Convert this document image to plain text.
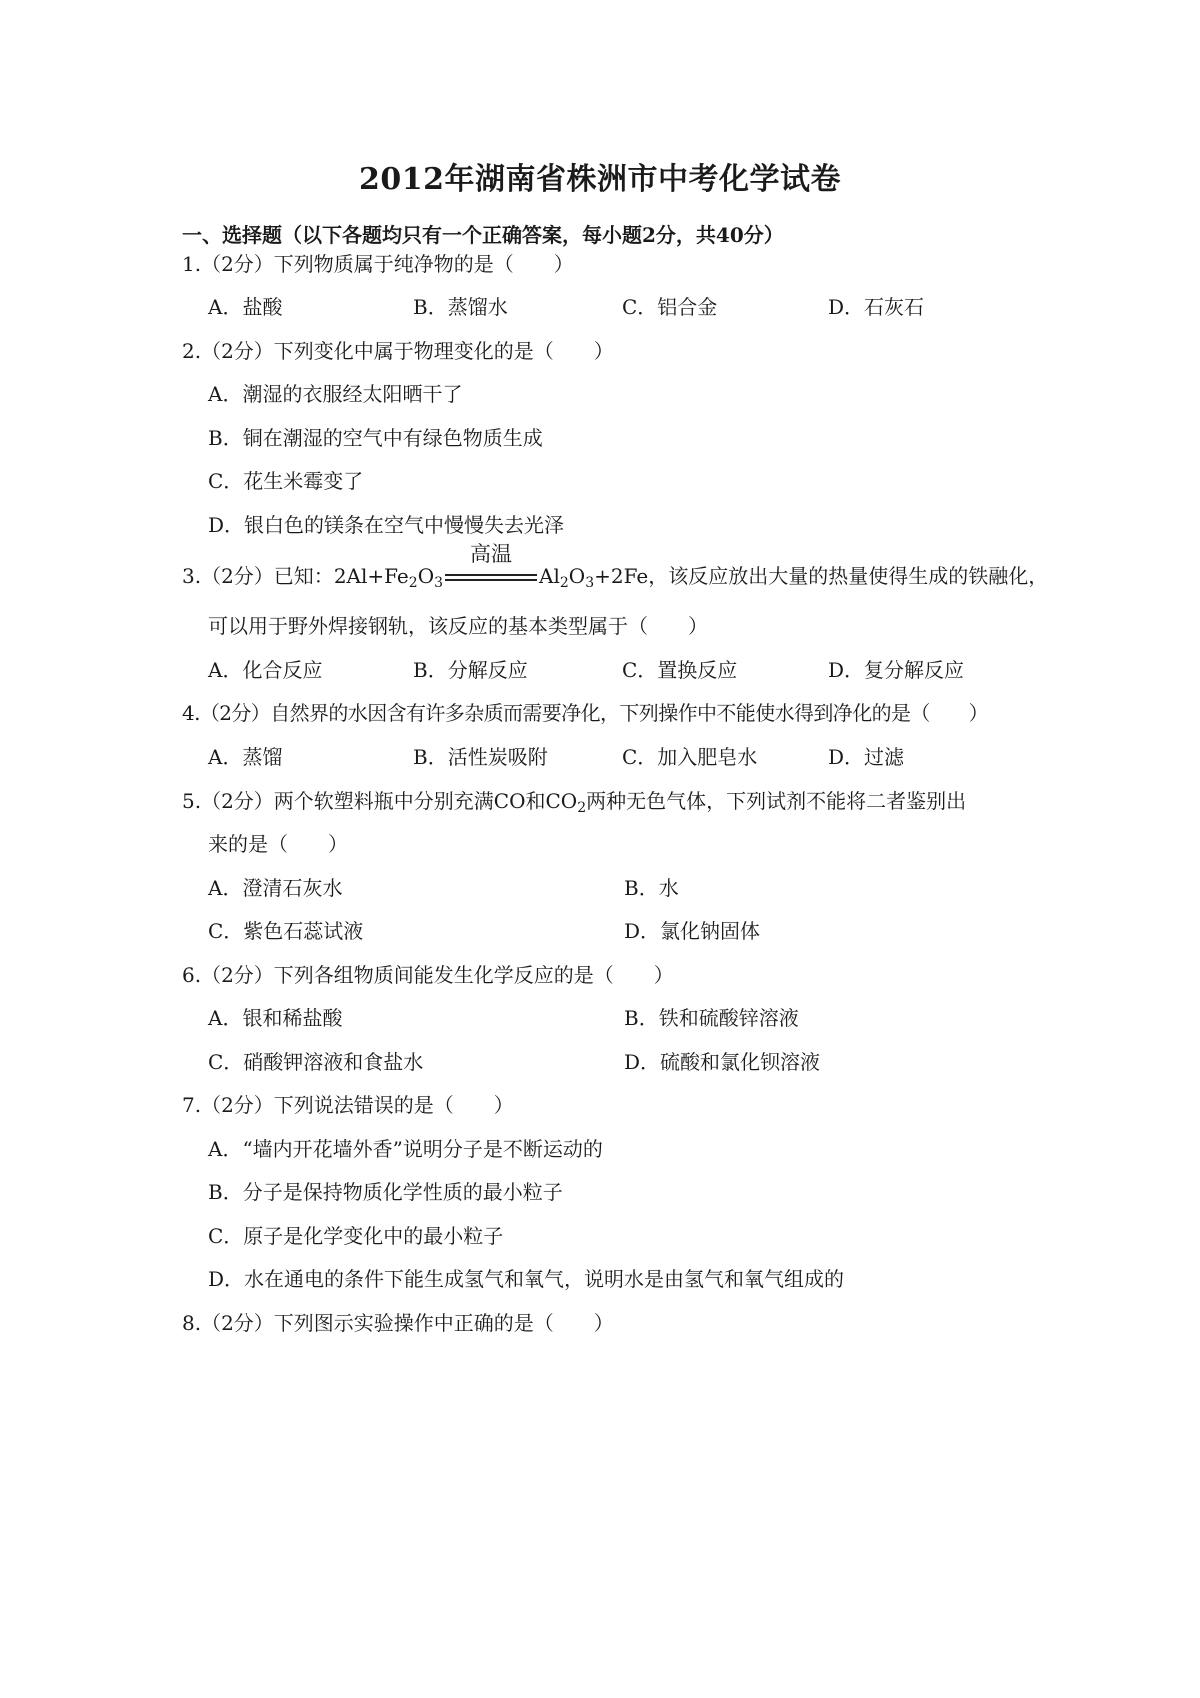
2012年湖南省株洲市中考化学试卷
一、选择题（以下各题均只有一个正确答案，每小题2分，共40分）
1.（2分）下列物质属于纯净物的是（　　）
A．盐酸	B．蒸馏水	C．铝合金	D．石灰石
2.（2分）下列变化中属于物理变化的是（　　）
A．潮湿的衣服经太阳晒干了
B．铜在潮湿的空气中有绿色物质生成
C．花生米霉变了
D．银白色的镁条在空气中慢慢失去光泽
3.（2分）已知：$2Al+Fe_2O_3$
高温
$Al_2O_3+2Fe$，该反应放出大量的热量使得生成的铁融化，
可以用于野外焊接钢轨，该反应的基本类型属于（　　）
A．化合反应	B．分解反应	C．置换反应	D．复分解反应
4.（2分）自然界的水因含有许多杂质而需要净化，下列操作中不能使水得到净化的是（　　）
A．蒸馏	B．活性炭吸附	C．加入肥皂水	D．过滤
5.（2分）两个软塑料瓶中分别充满CO和$CO_2$两种无色气体，下列试剂不能将二者鉴别出
来的是（　　）
A．澄清石灰水	B．水
C．紫色石蕊试液	D．氯化钠固体
6.（2分）下列各组物质间能发生化学反应的是（　　）
A．银和稀盐酸	B．铁和硫酸锌溶液
C．硝酸钾溶液和食盐水	D．硫酸和氯化钡溶液
7.（2分）下列说法错误的是（　　）
A．“墙内开花墙外香”说明分子是不断运动的
B．分子是保持物质化学性质的最小粒子
C．原子是化学变化中的最小粒子
D．水在通电的条件下能生成氢气和氧气，说明水是由氢气和氧气组成的
8.（2分）下列图示实验操作中正确的是（　　）
